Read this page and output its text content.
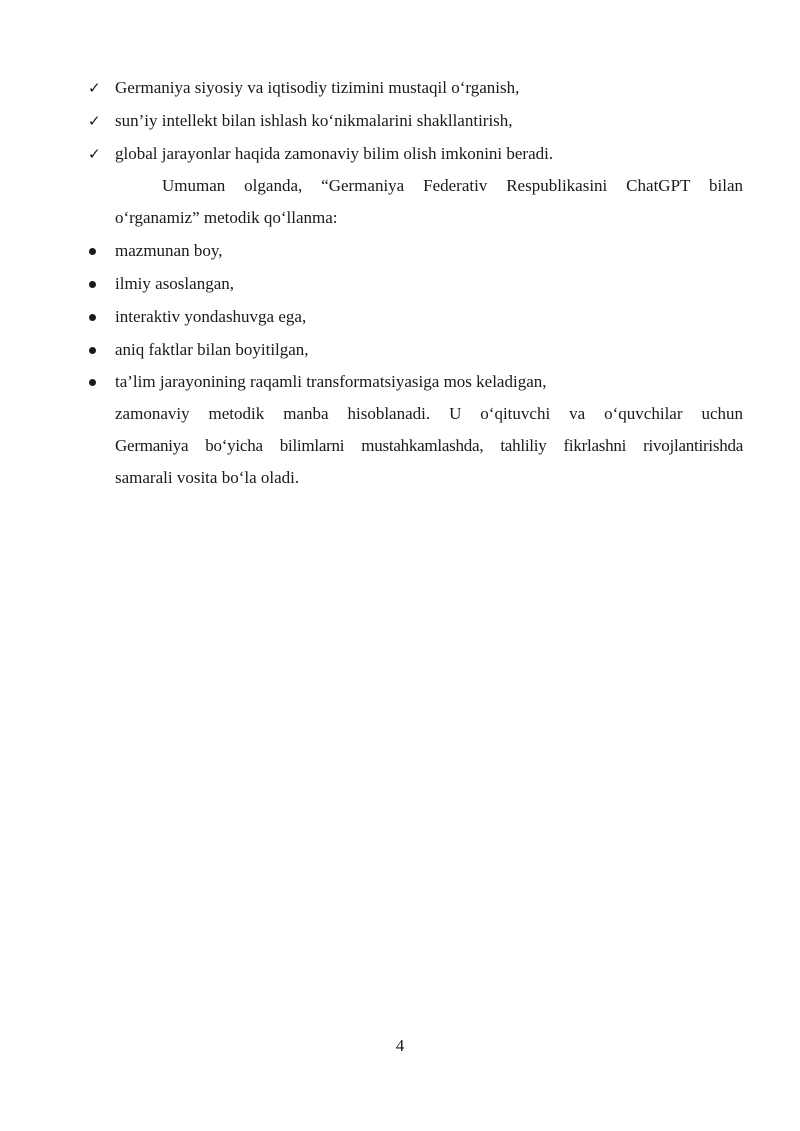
✓ Germaniya siyosiy va iqtisodiy tizimini mustaqil o‘rganish,
✓ sun’iy intellekt bilan ishlash ko‘nikmalarini shakllantirish,
✓ global jarayonlar haqida zamonaviy bilim olish imkonini beradi.
Umuman olganda, “Germaniya Federativ Respublikasini ChatGPT bilan
o‘rganamiz” metodik qo‘llanma:
mazmunan boy,
ilmiy asoslangan,
interaktiv yondashuvga ega,
aniq faktlar bilan boyitilgan,
ta’lim jarayonining raqamli transformatsiyasiga mos keladigan,
zamonaviy metodik manba hisoblanadi. U o‘qituvchi va o‘quvchilar uchun
Germaniya bo‘yicha bilimlarni mustahkamlashda, tahliliy fikrlashni rivojlantirishda
samarali vosita bo‘la oladi.
4
